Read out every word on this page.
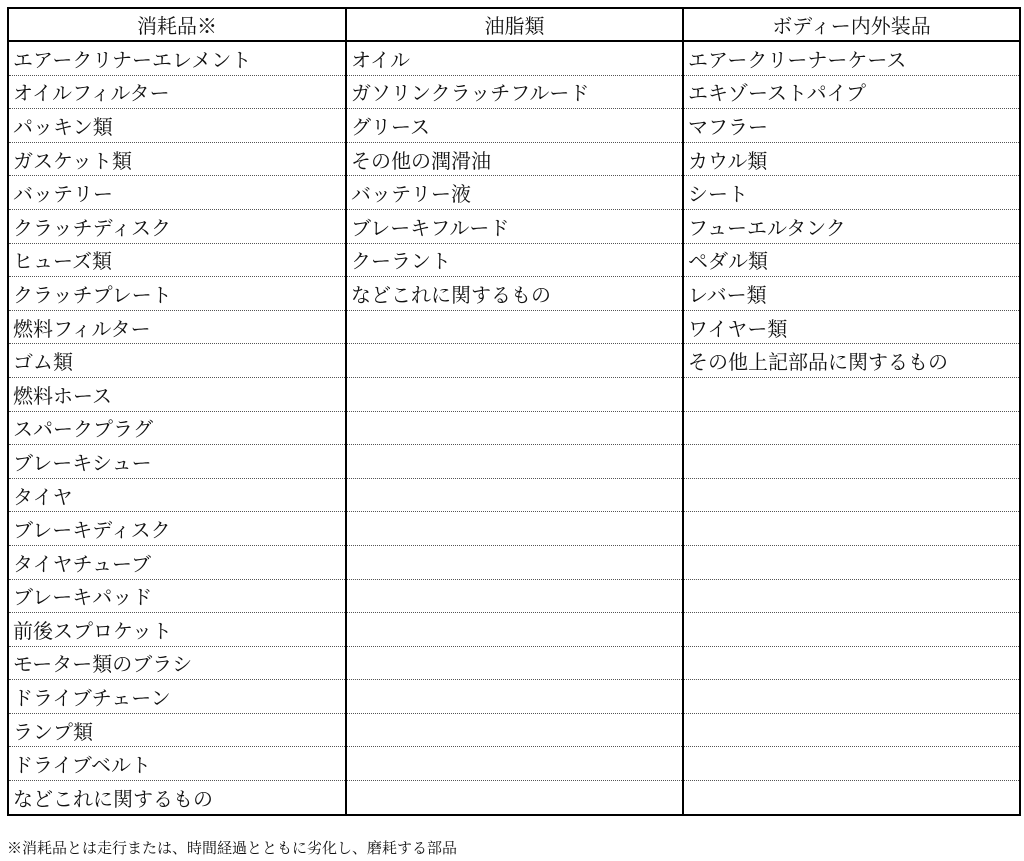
消耗品※	油脂類	ボディー内外装品
エアークリナーエレメント	オイル	エアークリーナーケース
オイルフィルター	ガソリンクラッチフルード	エキゾーストパイプ
パッキン類	グリース	マフラー
ガスケット類	その他の潤滑油	カウル類
バッテリー	バッテリー液	シート
クラッチディスク	ブレーキフルード	フューエルタンク
ヒューズ類	クーラント	ペダル類
クラッチプレート	などこれに関するもの	レバー類
燃料フィルター		ワイヤー類
ゴム類		その他上記部品に関するもの
燃料ホース		
スパークプラグ		
ブレーキシュー		
タイヤ		
ブレーキディスク		
タイヤチューブ		
ブレーキパッド		
前後スプロケット		
モーター類のブラシ		
ドライブチェーン		
ランプ類		
ドライブベルト		
などこれに関するもの		
※消耗品とは走行または、時間経過とともに劣化し、磨耗する部品
